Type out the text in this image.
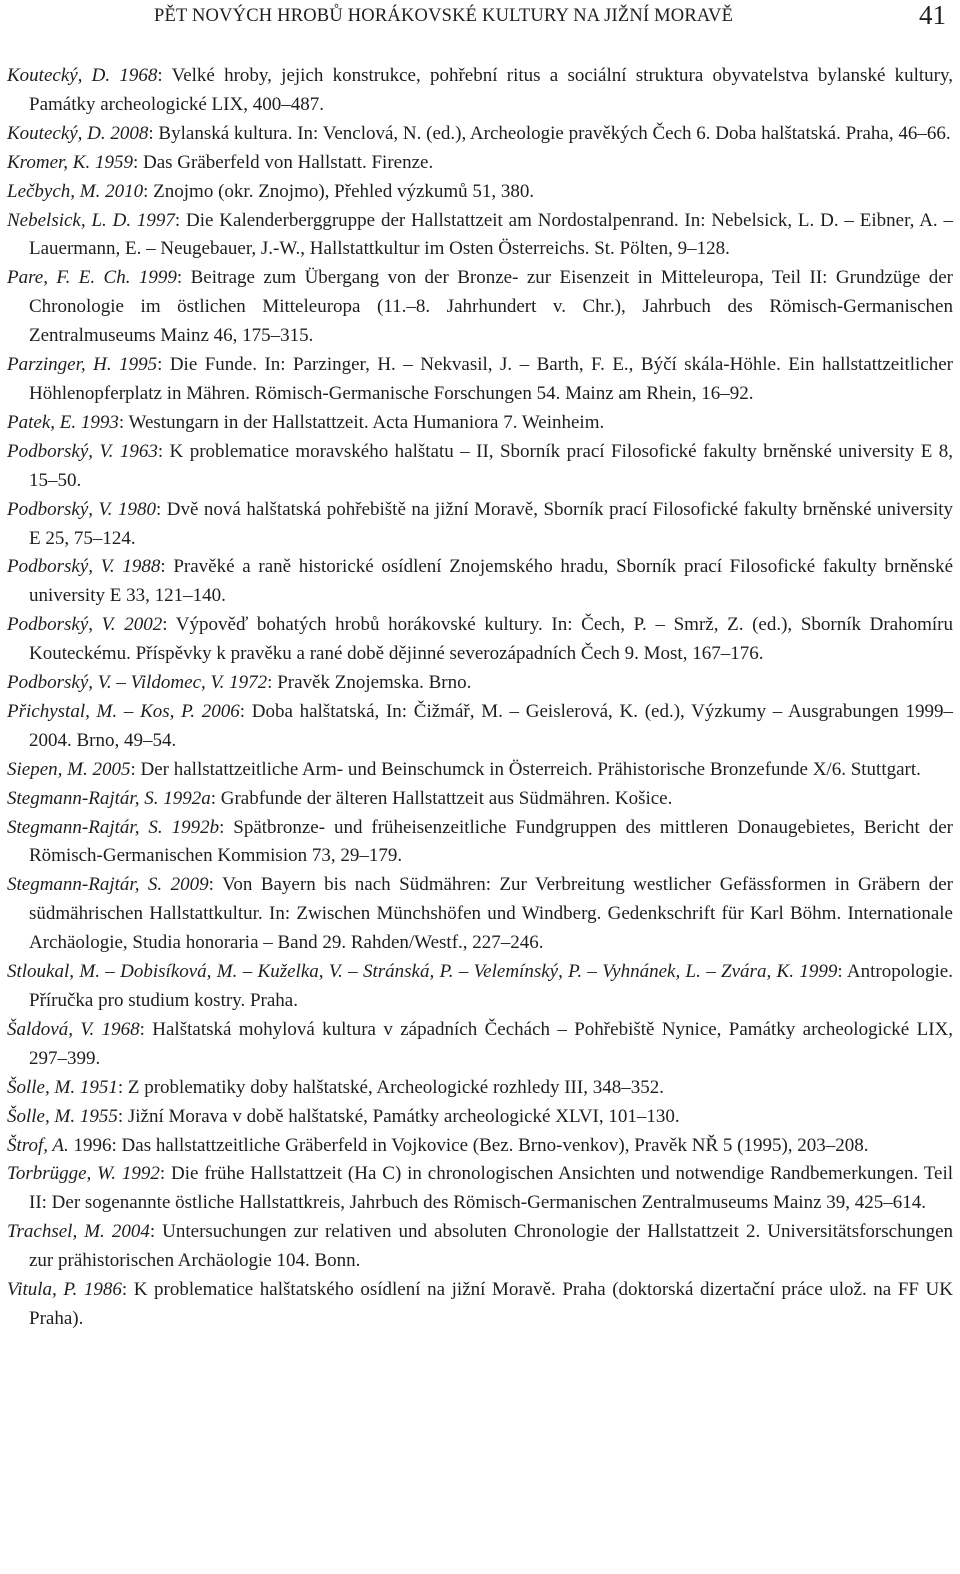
PĚT NOVÝCH HROBŮ HORÁKOVSKÉ KULTURY NA JIŽNÍ MORAVĚ	41
Koutecký, D. 1968: Velké hroby, jejich konstrukce, pohřební ritus a sociální struktura obyvatelstva bylanské kultury, Památky archeologické LIX, 400–487.
Koutecký, D. 2008: Bylanská kultura. In: Venclová, N. (ed.), Archeologie pravěkých Čech 6. Doba halštatská. Praha, 46–66.
Kromer, K. 1959: Das Gräberfeld von Hallstatt. Firenze.
Lečbych, M. 2010: Znojmo (okr. Znojmo), Přehled výzkumů 51, 380.
Nebelsick, L. D. 1997: Die Kalenderberggruppe der Hallstattzeit am Nordostalpenrand. In: Nebelsick, L. D. – Eibner, A. – Lauermann, E. – Neugebauer, J.-W., Hallstattkultur im Osten Österreichs. St. Pölten, 9–128.
Pare, F. E. Ch. 1999: Beitrage zum Übergang von der Bronze- zur Eisenzeit in Mitteleuropa, Teil II: Grundzüge der Chronologie im östlichen Mitteleuropa (11.–8. Jahrhundert v. Chr.), Jahrbuch des Römisch-Germanischen Zentralmuseums Mainz 46, 175–315.
Parzinger, H. 1995: Die Funde. In: Parzinger, H. – Nekvasil, J. – Barth, F. E., Býčí skála-Höhle. Ein hallstattzeitlicher Höhlenopferplatz in Mähren. Römisch-Germanische Forschungen 54. Mainz am Rhein, 16–92.
Patek, E. 1993: Westungarn in der Hallstattzeit. Acta Humaniora 7. Weinheim.
Podborský, V. 1963: K problematice moravského halštatu – II, Sborník prací Filosofické fakulty brněnské university E 8, 15–50.
Podborský, V. 1980: Dvě nová halštatská pohřebiště na jižní Moravě, Sborník prací Filosofické fakulty brněnské university E 25, 75–124.
Podborský, V. 1988: Pravěké a raně historické osídlení Znojemského hradu, Sborník prací Filosofické fakulty brněnské university E 33, 121–140.
Podborský, V. 2002: Výpověď bohatých hrobů horákovské kultury. In: Čech, P. – Smrž, Z. (ed.), Sborník Drahomíru Kouteckému. Příspěvky k pravěku a rané době dějinné severozápadních Čech 9. Most, 167–176.
Podborský, V. – Vildomec, V. 1972: Pravěk Znojemska. Brno.
Přichystal, M. – Kos, P. 2006: Doba halštatská, In: Čižmář, M. – Geislerová, K. (ed.), Výzkumy – Ausgrabungen 1999–2004. Brno, 49–54.
Siepen, M. 2005: Der hallstattzeitliche Arm- und Beinschumck in Österreich. Prähistorische Bronzefunde X/6. Stuttgart.
Stegmann-Rajtár, S. 1992a: Grabfunde der älteren Hallstattzeit aus Südmähren. Košice.
Stegmann-Rajtár, S. 1992b: Spätbronze- und früheisenzeitliche Fundgruppen des mittleren Donaugebietes, Bericht der Römisch-Germanischen Kommision 73, 29–179.
Stegmann-Rajtár, S. 2009: Von Bayern bis nach Südmähren: Zur Verbreitung westlicher Gefässformen in Gräbern der südmährischen Hallstattkultur. In: Zwischen Münchshöfen und Windberg. Gedenkschrift für Karl Böhm. Internationale Archäologie, Studia honoraria – Band 29. Rahden/Westf., 227–246.
Stloukal, M. – Dobisíková, M. – Kuželka, V. – Stránská, P. – Velemínský, P. – Vyhnánek, L. – Zvára, K. 1999: Antropologie. Příručka pro studium kostry. Praha.
Šaldová, V. 1968: Halštatská mohylová kultura v západních Čechách – Pohřebiště Nynice, Památky archeologické LIX, 297–399.
Šolle, M. 1951: Z problematiky doby halštatské, Archeologické rozhledy III, 348–352.
Šolle, M. 1955: Jižní Morava v době halštatské, Památky archeologické XLVI, 101–130.
Štrof, A. 1996: Das hallstattzeitliche Gräberfeld in Vojkovice (Bez. Brno-venkov), Pravěk NŘ 5 (1995), 203–208.
Torbrügge, W. 1992: Die frühe Hallstattzeit (Ha C) in chronologischen Ansichten und notwendige Randbemerkungen. Teil II: Der sogenannte östliche Hallstattkreis, Jahrbuch des Römisch-Germanischen Zentralmuseums Mainz 39, 425–614.
Trachsel, M. 2004: Untersuchungen zur relativen und absoluten Chronologie der Hallstattzeit 2. Universitätsforschungen zur prähistorischen Archäologie 104. Bonn.
Vitula, P. 1986: K problematice halštatského osídlení na jižní Moravě. Praha (doktorská dizertační práce ulož. na FF UK Praha).
